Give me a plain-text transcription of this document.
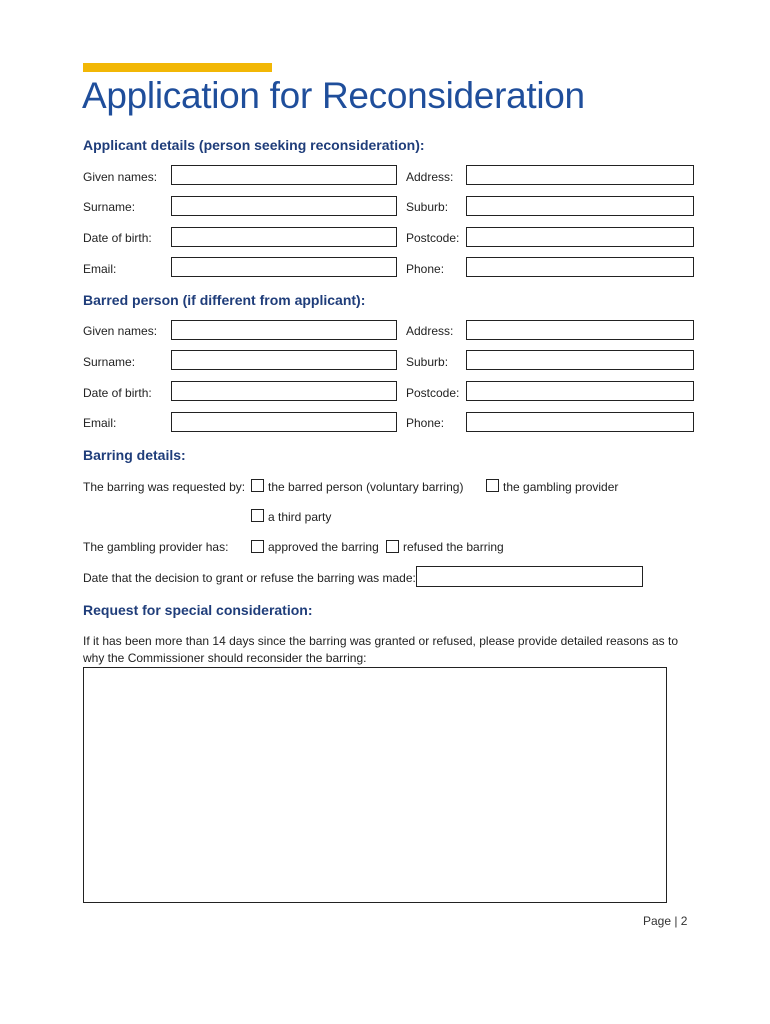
Application for Reconsideration
Applicant details (person seeking reconsideration):
Given names:	Address:
Surname:	Suburb:
Date of birth:	Postcode:
Email:	Phone:
Barred person (if different from applicant):
Given names:	Address:
Surname:	Suburb:
Date of birth:	Postcode:
Email:	Phone:
Barring details:
The barring was requested by: the barred person (voluntary barring)	the gambling provider
a third party
The gambling provider has:	approved the barring refused the barring
Date that the decision to grant or refuse the barring was made:
Request for special consideration:
If it has been more than 14 days since the barring was granted or refused, please provide detailed reasons as to why the Commissioner should reconsider the barring:
Page | 2
